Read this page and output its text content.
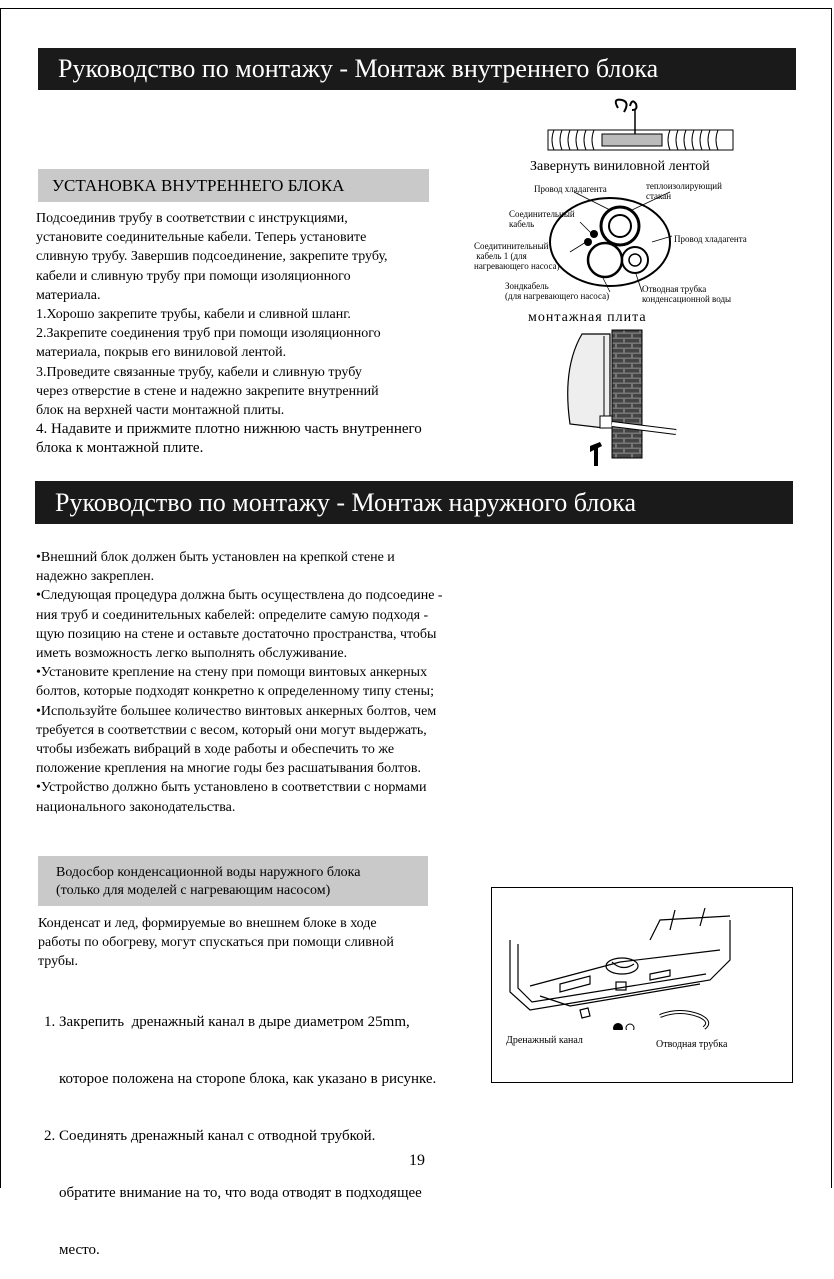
Руководство по монтажу - Монтаж внутреннего блока
Завернуть виниловной лентой
УСТАНОВКА ВНУТРЕННЕГО БЛОКА
Подсоединив трубу в соответствии с инструкциями,
установите соединительные кабели. Теперь установите
сливную трубу. Завершив подсоединение, закрепите трубу,
кабели и сливную трубу при помощи изоляционного
материала.
1.Хорошо закрепите трубы, кабели и сливной шланг.
2.Закрепите соединения труб при помощи изоляционного
материала, покрыв его виниловой лентой.
3.Проведите связанные трубу, кабели и сливную трубу
через отверстие в стене и надежно закрепите внутренний
блок на верхней части монтажной плиты.
4. Надавите и прижмите плотно нижнюю часть внутреннего
блока к монтажной плите.
Провод хладагента	теплоизолирующий
стакан
Соединительный
кабель
Провод хладагента
Соедитинительный
кабель 1 (для
нагревающего насоса)
Зондкабель
(для нагревающего насоса)
Отводная трубка
конденсационной воды
монтажная плита
Руководство по монтажу - Монтаж наружного блока
•Внешний блок должен быть установлен на крепкой стене и
надежно закреплен.
•Следующая процедура должна быть осуществлена до подсоедине -
ния труб и соединительных кабелей: определите самую подходя -
щую позицию на стене и оставьте достаточно пространства, чтобы
иметь возможность легко выполнять обслуживание.
•Установите крепление на стену при помощи винтовых анкерных
болтов, которые подходят конкретно к определенному типу стены;
•Используйте большее количество винтовых анкерных болтов, чем
требуется в соответствии с весом, который они могут выдержать,
чтобы избежать вибраций в ходе работы и обеспечить то же
положение крепления на многие годы без расшатывания болтов.
•Устройство должно быть установлено в соответствии с нормами
национального законодательства.
Водосбор конденсационной воды наружного блока
(только для моделей с нагревающим насосом)
Конденсат и лед, формируемые во внешнем блоке в ходе
работы по обогреву, могут спускаться при помощи сливной
трубы.

1. Закрепить  дренажный канал в дыре диаметром 25mm,

которое положена на сторone блока, как указано в рисунке.

2. Соединять дренажный канал с отводной трубкой.

обратите внимание на то, что вода отводят в подходящее

место.

Дренажный канал	Отводная трубка
19
